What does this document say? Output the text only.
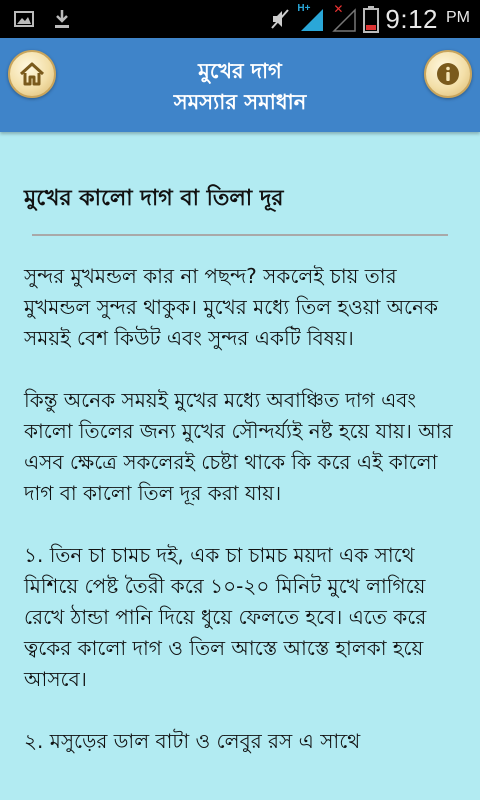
H+ ✕ 9:12 PM
মুখের দাগ
সমস্যার সমাধান
মুখের কালো দাগ বা তিলা দূর

সুন্দর মুখমন্ডল কার না পছন্দ? সকলেই চায় তার মুখমন্ডল সুন্দর থাকুক। মুখের মধ্যে তিল হওয়া অনেক সময়ই বেশ কিউট এবং সুন্দর একটি বিষয়।

কিন্তু অনেক সময়ই মুখের মধ্যে অবাঞ্চিত দাগ এবং কালো তিলের জন্য মুখের সৌন্দর্য্যই নষ্ট হয়ে যায়। আর এসব ক্ষেত্রে সকলেরই চেষ্টা থাকে কি করে এই কালো দাগ বা কালো তিল দূর করা যায়।

১. তিন চা চামচ দই, এক চা চামচ ময়দা এক সাথে মিশিয়ে পেষ্ট তৈরী করে ১০-২০ মিনিট মুখে লাগিয়ে রেখে ঠান্ডা পানি দিয়ে ধুয়ে ফেলতে হবে। এতে করে ত্বকের কালো দাগ ও তিল আস্তে আস্তে হালকা হয়ে আসবে।

২. মসুড়ের ডাল বাটা ও লেবুর রস এ সাথে
